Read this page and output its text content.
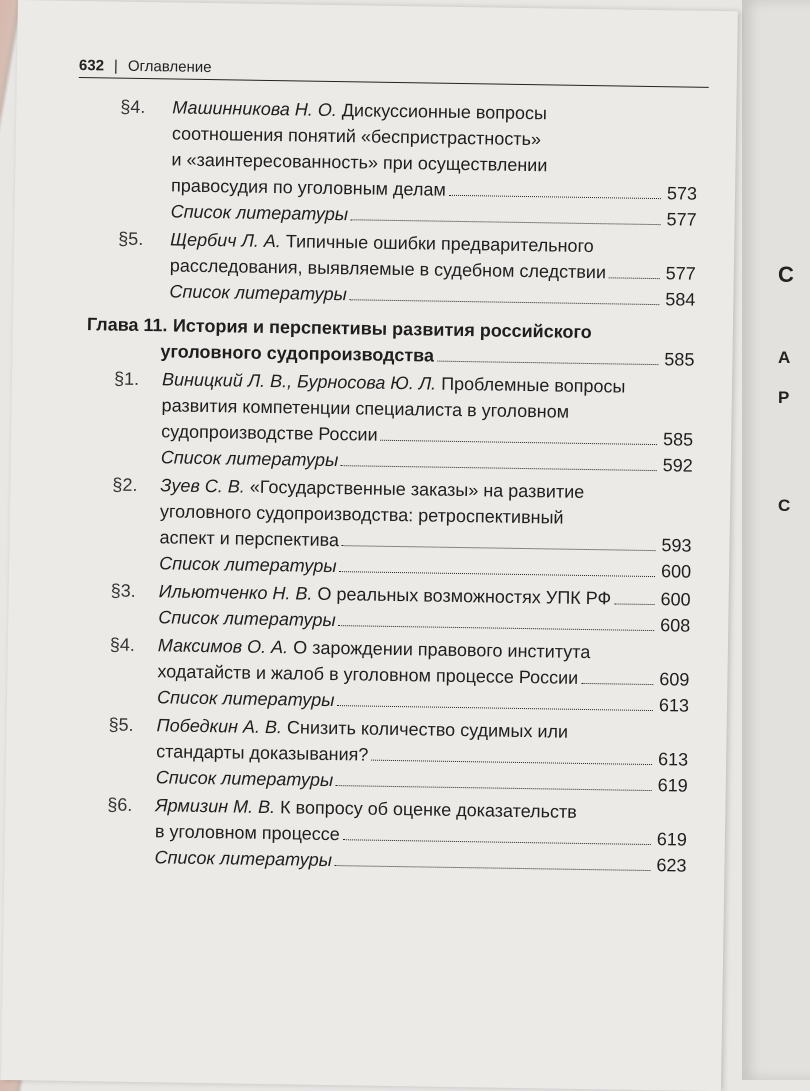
С
А
Р
С
632 | Оглавление
§4.	Машинникова Н. О.
Дискуссионные вопросы
соотношения понятий «беспристрастность»
и «заинтересованность» при осуществлении
правосудия по уголовным делам	573
Список литературы	577
§5.	Щербич Л. А.
Типичные ошибки предварительного
расследования, выявляемые в судебном следствии	577
Список литературы	584
Глава 11. История и перспективы развития российского
уголовного судопроизводства	585
§1.	Виницкий Л. В., Бурносова Ю. Л.
Проблемные вопросы
развития компетенции специалиста в уголовном
судопроизводстве России	585
Список литературы	592
§2.	Зуев С. В.
«Государственные заказы» на развитие
уголовного судопроизводства: ретроспективный
аспект и перспектива	593
Список литературы	600
§3.	Ильютченко Н. В.
О реальных возможностях УПК РФ	600
Список литературы	608
§4.	Максимов О. А.
О зарождении правового института
ходатайств и жалоб в уголовном процессе России	609
Список литературы	613
§5.	Победкин А. В.
Снизить количество судимых или
стандарты доказывания?	613
Список литературы	619
§6.	Ярмизин М. В.
К вопросу об оценке доказательств
в уголовном процессе	619
Список литературы	623
